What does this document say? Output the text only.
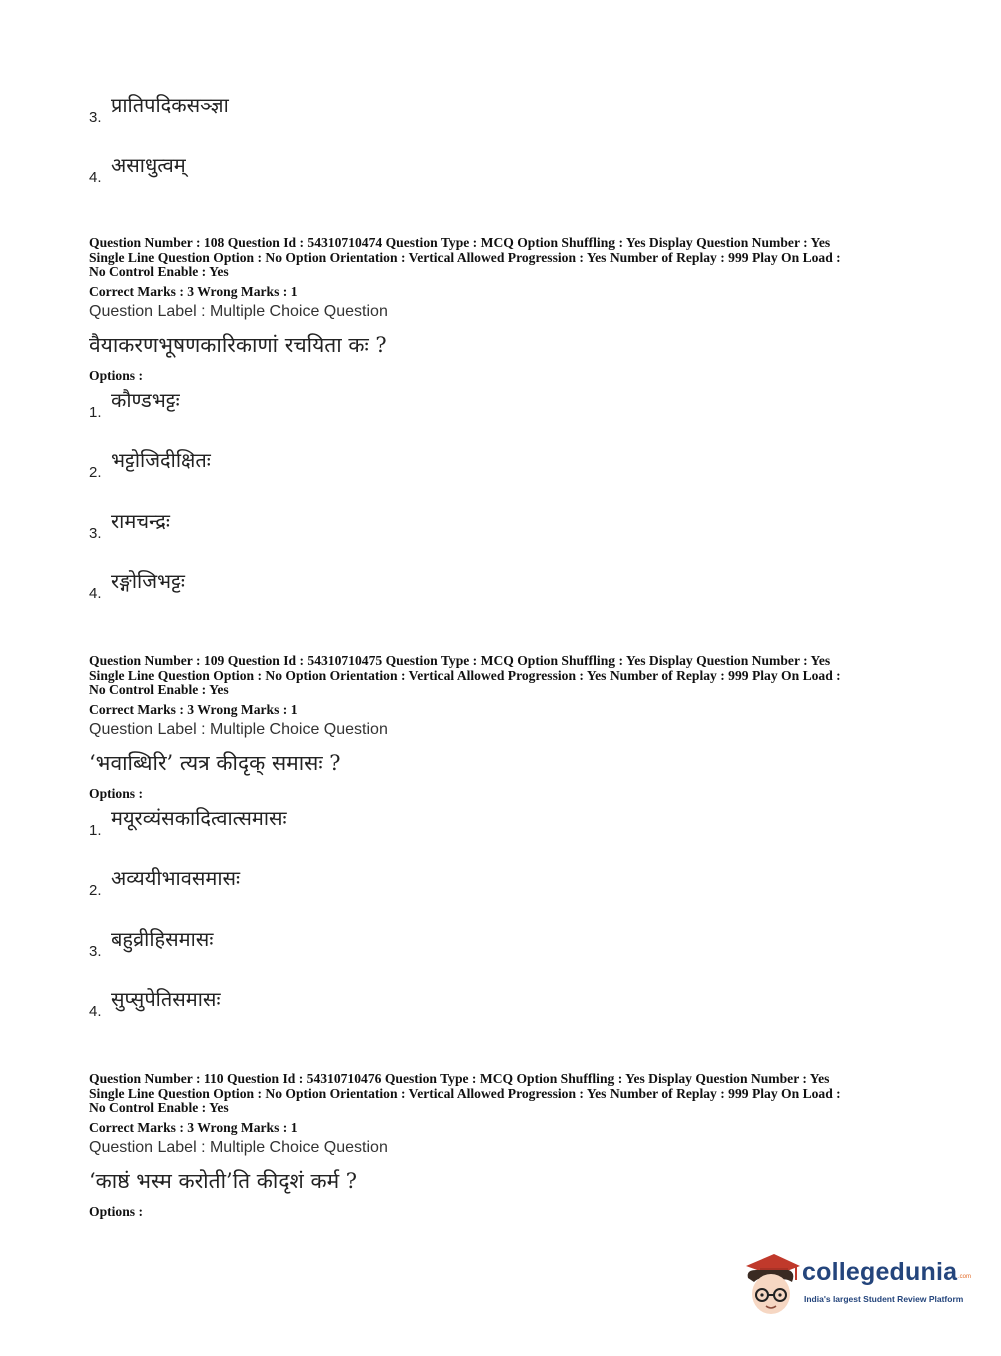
3.
प्रातिपदिकसञ्ज्ञा
4.
असाधुत्वम्
Question Number : 108 Question Id : 54310710474 Question Type : MCQ Option Shuffling : Yes Display Question Number : Yes
Single Line Question Option : No Option Orientation : Vertical Allowed Progression : Yes Number of Replay : 999 Play On Load :
No Control Enable : Yes
Correct Marks : 3 Wrong Marks : 1
Question Label : Multiple Choice Question
वैयाकरणभूषणकारिकाणां रचयिता कः ?
Options :
1.
कौण्डभट्टः
2.
भट्टोजिदीक्षितः
3.
रामचन्द्रः
4.
रङ्गोजिभट्टः
Question Number : 109 Question Id : 54310710475 Question Type : MCQ Option Shuffling : Yes Display Question Number : Yes
Single Line Question Option : No Option Orientation : Vertical Allowed Progression : Yes Number of Replay : 999 Play On Load :
No Control Enable : Yes
Correct Marks : 3 Wrong Marks : 1
Question Label : Multiple Choice Question
‘भवाब्धिरि’ त्यत्र कीदृक् समासः ?
Options :
1.
मयूरव्यंसकादित्वात्समासः
2.
अव्ययीभावसमासः
3.
बहुव्रीहिसमासः
4.
सुप्सुपेतिसमासः
Question Number : 110 Question Id : 54310710476 Question Type : MCQ Option Shuffling : Yes Display Question Number : Yes
Single Line Question Option : No Option Orientation : Vertical Allowed Progression : Yes Number of Replay : 999 Play On Load :
No Control Enable : Yes
Correct Marks : 3 Wrong Marks : 1
Question Label : Multiple Choice Question
‘काष्ठं भस्म करोती’ति कीदृशं कर्म ?
Options :
collegedunia .com
India's largest Student Review Platform
